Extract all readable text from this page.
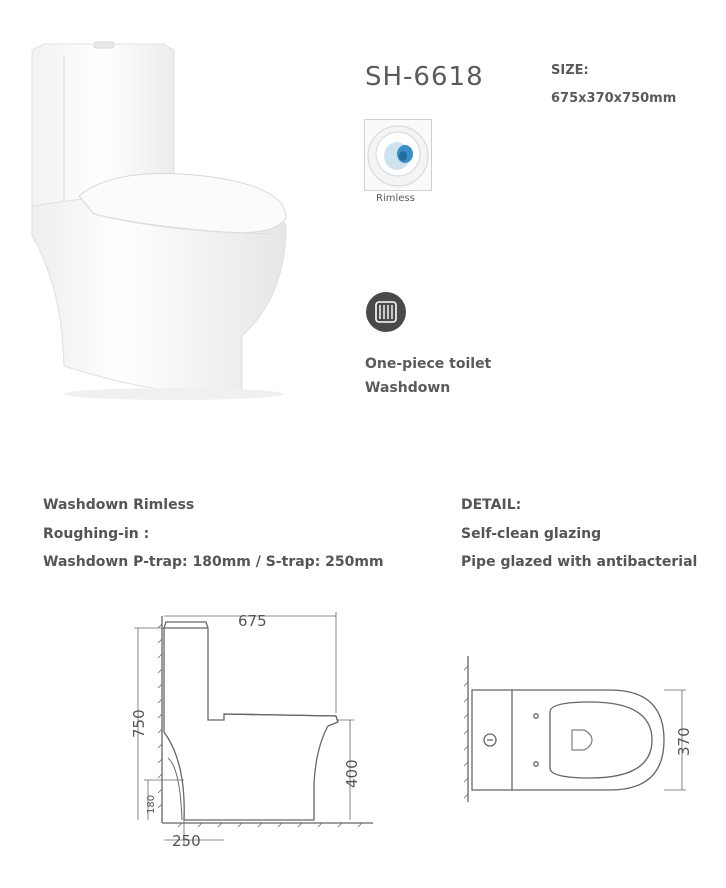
SH-6618	SIZE:
675x370x750mm
Rimless
One-piece toilet
Washdown
Washdown Rimless
Roughing-in :
Washdown P-trap: 180mm / S-trap: 250mm
DETAIL:
Self-clean glazing
Pipe glazed with antibacterial
675
750
180
400
250
370
